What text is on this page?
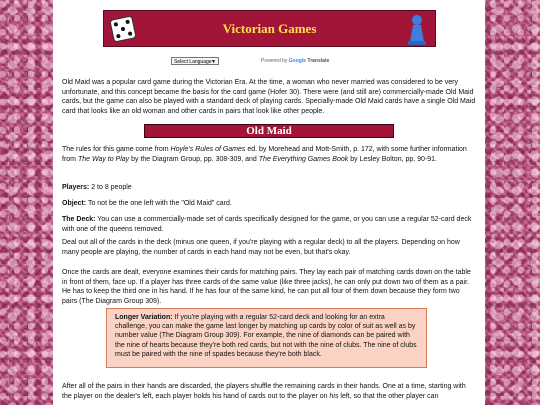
Victorian Games
Select Language ▼	Powered by Google Translate

Old Maid was a popular card game during the Victorian Era. At the time, a woman who never married was considered to be very unfortunate, and this concept became the basis for the card game (Hofer 30). There were (and still are) commercially-made Old Maid cards, but the game can also be played with a standard deck of playing cards. Specially-made Old Maid cards have a single Old Maid card that looks like an old woman and other cards in pairs that look like other people.

Old Maid

The rules for this game come from Hoyle's Rules of Games ed. by Morehead and Mott-Smith, p. 172, with some further information from The Way to Play by the Diagram Group, pp. 308-309, and The Everything Games Book by Lesley Bolton, pp. 90-91.

Players: 2 to 8 people

Object: To not be the one left with the "Old Maid" card.

The Deck: You can use a commercially-made set of cards specifically designed for the game, or you can use a regular 52-card deck with one of the queens removed.

Deal out all of the cards in the deck (minus one queen, if you're playing with a regular deck) to all the players. Depending on how many people are playing, the number of cards in each hand may not be even, but that's okay.

Once the cards are dealt, everyone examines their cards for matching pairs. They lay each pair of matching cards down on the table in front of them, face up. If a player has three cards of the same value (like three jacks), he can only put down two of them as a pair. He has to keep the third one in his hand. If he has four of the same kind, he can put all four of them down because they form two pairs (The Diagram Group 309).

Longer Variation: If you're playing with a regular 52-card deck and looking for an extra challenge, you can make the game last longer by matching up cards by color of suit as well as by number value (The Diagram Group 309). For example, the nine of diamonds can be paired with the nine of hearts because they're both red cards, but not with the nine of clubs. The nine of clubs must be paired with the nine of spades because they're both black.

After all of the pairs in their hands are discarded, the players shuffle the remaining cards in their hands. One at a time, starting with the player on the dealer's left, each player holds his hand of cards out to the player on his left, so that the other player can
